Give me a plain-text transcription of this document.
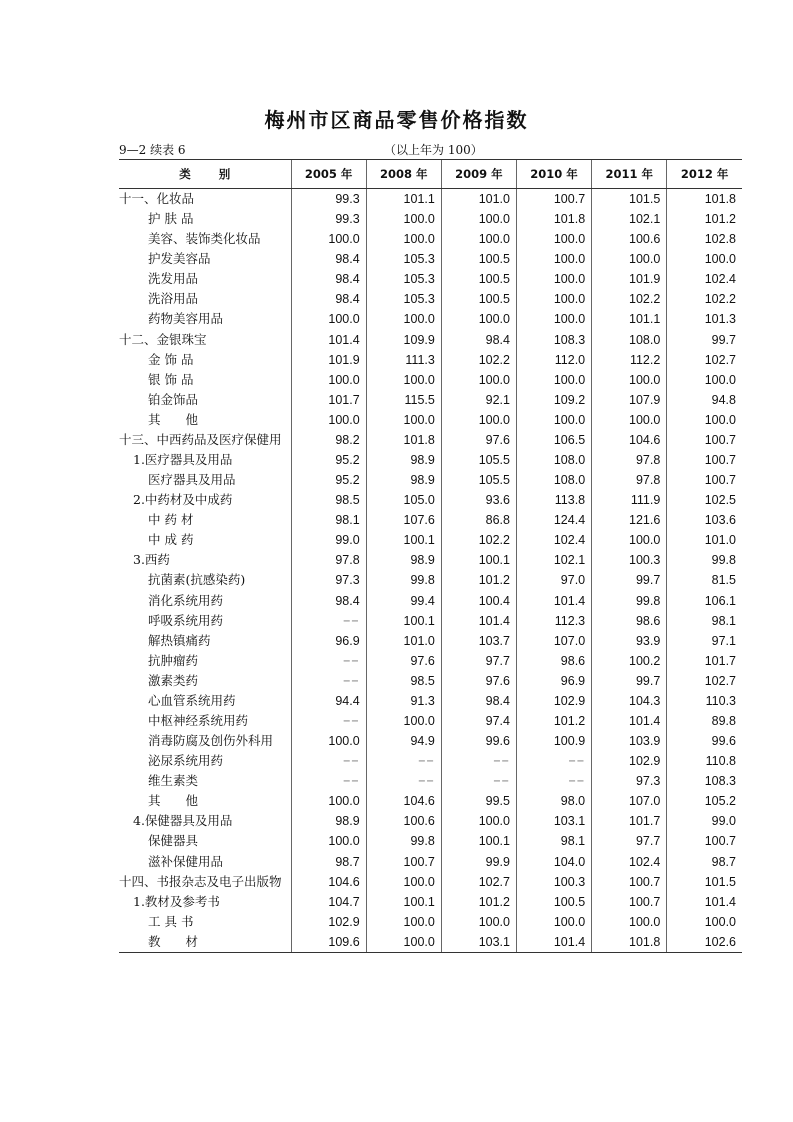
梅州市区商品零售价格指数
9—2 续表 6	（以上年为 100）
类别	2005 年	2008 年	2009 年	2010 年	2011 年	2012 年
十一、化妆品	99.3	101.1	101.0	100.7	101.5	101.8
护 肤 品	99.3	100.0	100.0	101.8	102.1	101.2
美容、装饰类化妆品	100.0	100.0	100.0	100.0	100.6	102.8
护发美容品	98.4	105.3	100.5	100.0	100.0	100.0
洗发用品	98.4	105.3	100.5	100.0	101.9	102.4
洗浴用品	98.4	105.3	100.5	100.0	102.2	102.2
药物美容用品	100.0	100.0	100.0	100.0	101.1	101.3
十二、金银珠宝	101.4	109.9	98.4	108.3	108.0	99.7
金 饰 品	101.9	111.3	102.2	112.0	112.2	102.7
银 饰 品	100.0	100.0	100.0	100.0	100.0	100.0
铂金饰品	101.7	115.5	92.1	109.2	107.9	94.8
其　　他	100.0	100.0	100.0	100.0	100.0	100.0
十三、中西药品及医疗保健用	98.2	101.8	97.6	106.5	104.6	100.7
1.医疗器具及用品	95.2	98.9	105.5	108.0	97.8	100.7
医疗器具及用品	95.2	98.9	105.5	108.0	97.8	100.7
2.中药材及中成药	98.5	105.0	93.6	113.8	111.9	102.5
中 药 材	98.1	107.6	86.8	124.4	121.6	103.6
中 成 药	99.0	100.1	102.2	102.4	100.0	101.0
3.西药	97.8	98.9	100.1	102.1	100.3	99.8
抗菌素(抗感染药)	97.3	99.8	101.2	97.0	99.7	81.5
消化系统用药	98.4	99.4	100.4	101.4	99.8	106.1
呼吸系统用药	−−	100.1	101.4	112.3	98.6	98.1
解热镇痛药	96.9	101.0	103.7	107.0	93.9	97.1
抗肿瘤药	−−	97.6	97.7	98.6	100.2	101.7
激素类药	−−	98.5	97.6	96.9	99.7	102.7
心血管系统用药	94.4	91.3	98.4	102.9	104.3	110.3
中枢神经系统用药	−−	100.0	97.4	101.2	101.4	89.8
消毒防腐及创伤外科用	100.0	94.9	99.6	100.9	103.9	99.6
泌尿系统用药	−−	−−	−−	−−	102.9	110.8
维生素类	−−	−−	−−	−−	97.3	108.3
其　　他	100.0	104.6	99.5	98.0	107.0	105.2
4.保健器具及用品	98.9	100.6	100.0	103.1	101.7	99.0
保健器具	100.0	99.8	100.1	98.1	97.7	100.7
滋补保健用品	98.7	100.7	99.9	104.0	102.4	98.7
十四、书报杂志及电子出版物	104.6	100.0	102.7	100.3	100.7	101.5
1.教材及参考书	104.7	100.1	101.2	100.5	100.7	101.4
工 具 书	102.9	100.0	100.0	100.0	100.0	100.0
教　　材	109.6	100.0	103.1	101.4	101.8	102.6
